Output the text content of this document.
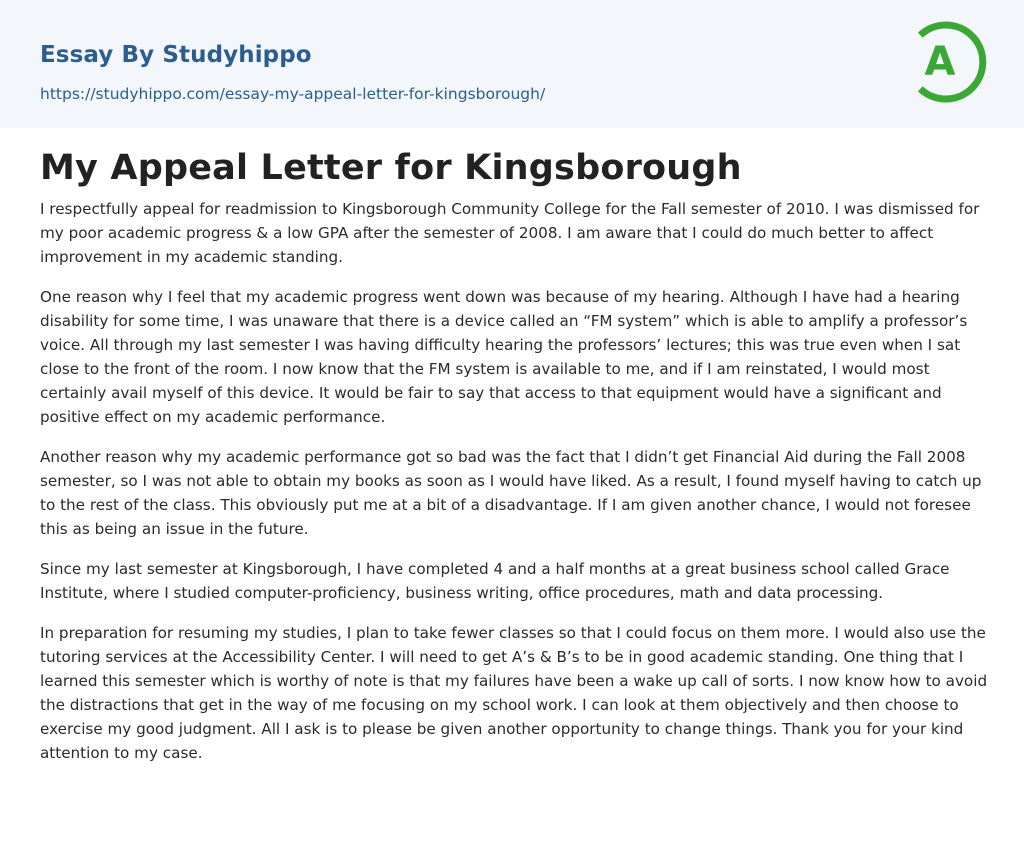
Essay By Studyhippo
https://studyhippo.com/essay-my-appeal-letter-for-kingsborough/
A
My Appeal Letter for Kingsborough

I respectfully appeal for readmission to Kingsborough Community College for the Fall semester of 2010. I was dismissed for my poor academic progress & a low GPA after the semester of 2008. I am aware that I could do much better to affect improvement in my academic standing.

One reason why I feel that my academic progress went down was because of my hearing. Although I have had a hearing disability for some time, I was unaware that there is a device called an “FM system” which is able to amplify a professor’s voice. All through my last semester I was having difficulty hearing the professors’ lectures; this was true even when I sat close to the front of the room. I now know that the FM system is available to me, and if I am reinstated, I would most certainly avail myself of this device. It would be fair to say that access to that equipment would have a significant and positive effect on my academic performance.

Another reason why my academic performance got so bad was the fact that I didn’t get Financial Aid during the Fall 2008 semester, so I was not able to obtain my books as soon as I would have liked. As a result, I found myself having to catch up to the rest of the class. This obviously put me at a bit of a disadvantage. If I am given another chance, I would not foresee this as being an issue in the future.

Since my last semester at Kingsborough, I have completed 4 and a half months at a great business school called Grace Institute, where I studied computer-proficiency, business writing, office procedures, math and data processing.

In preparation for resuming my studies, I plan to take fewer classes so that I could focus on them more. I would also use the tutoring services at the Accessibility Center. I will need to get A’s & B’s to be in good academic standing. One thing that I learned this semester which is worthy of note is that my failures have been a wake up call of sorts. I now know how to avoid the distractions that get in the way of me focusing on my school work. I can look at them objectively and then choose to exercise my good judgment. All I ask is to please be given another opportunity to change things. Thank you for your kind attention to my case.
